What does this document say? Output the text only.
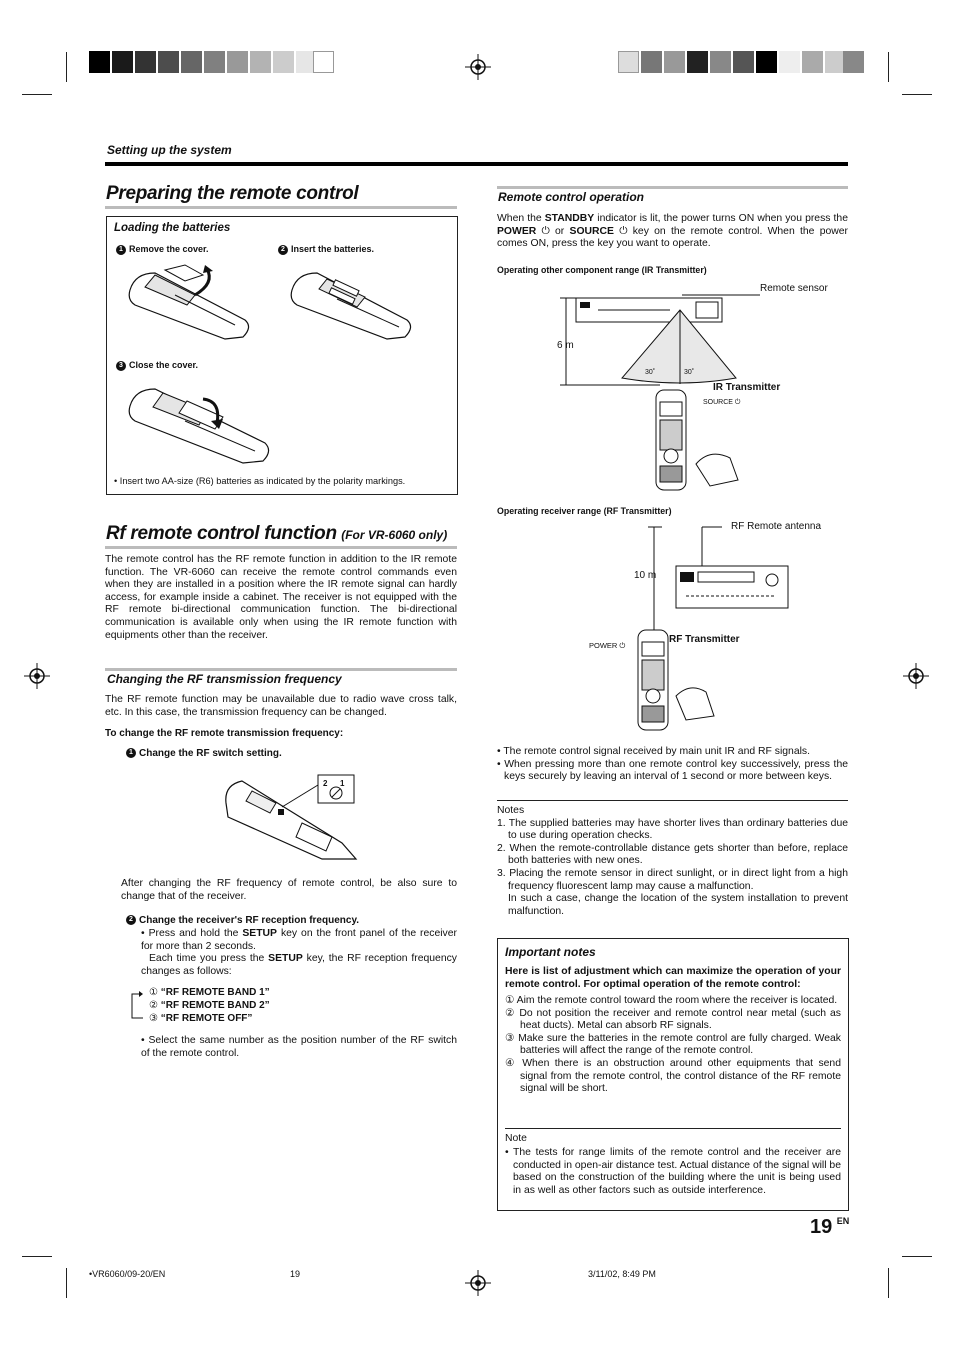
Setting up the system
Preparing the remote control
Loading the batteries
1 Remove the cover.	2 Insert the batteries.
3 Close the cover.
• Insert two AA-size (R6) batteries as indicated by the polarity markings.
Rf remote control function (For VR-6060 only)
The remote control has the RF remote function in addition to the IR remote function. The VR-6060 can receive the remote control commands even when they are installed in a position where the IR remote signal can hardly access, for example inside a cabinet. The receiver is not equipped with the RF remote bi-directional communication function. The bi-directional communication is available only when using the IR remote function with equipments other than the receiver.
Changing the RF transmission frequency
The RF remote function may be unavailable due to radio wave cross talk, etc. In this case, the transmission frequency can be changed.
To change the RF remote transmission frequency:
1 Change the RF switch setting.
2 1
After changing the RF frequency of remote control, be also sure to change that of the receiver.
2 Change the receiver's RF reception frequency.
• Press and hold the SETUP key on the front panel of the receiver for more than 2 seconds.
Each time you press the SETUP key, the RF reception frequency changes as follows:

① “RF REMOTE BAND 1”

② “RF REMOTE BAND 2”

③ “RF REMOTE OFF”

• Select the same number as the position number of the RF switch of the remote control.
Remote control operation
When the STANDBY indicator is lit, the power turns ON when you press the POWER ⏻ or SOURCE ⏻ key on the remote control. When the power comes ON, press the key you want to operate.
Operating other component range (IR Transmitter)
Remote sensor
6 m
30˚	30˚
IR Transmitter
SOURCE ⏻
Operating receiver range (RF Transmitter)
RF Remote antenna
10 m
POWER ⏻
RF Transmitter
• The remote control signal received by main unit IR and RF signals.
• When pressing more than one remote control key successively, press the keys securely by leaving an interval of 1 second or more between keys.
Notes
1. The supplied batteries may have shorter lives than ordinary batteries due to use during operation checks.
2. When the remote-controllable distance gets shorter than before, replace both batteries with new ones.
3. Placing the remote sensor in direct sunlight, or in direct light from a high frequency fluorescent lamp may cause a malfunction.
In such a case, change the location of the system installation to prevent malfunction.
Important notes
Here is list of adjustment which can maximize the operation of your remote control. For optimal operation of the remote control:
① Aim the remote control toward the room where the receiver is located.
② Do not position the receiver and remote control near metal (such as heat ducts). Metal can absorb RF signals.
③ Make sure the batteries in the remote control are fully charged. Weak batteries will affect the range of the remote control.
④ When there is an obstruction around other equipments that send signal from the remote control, the control distance of the RF remote signal will be short.
Note
• The tests for range limits of the remote control and the receiver are conducted in open-air distance test. Actual distance of the signal will be based on the construction of the building where the unit is being used in as well as other factors such as outside interference.
19 $^{EN}$
•VR6060/09-20/EN	19	3/11/02, 8:49 PM
